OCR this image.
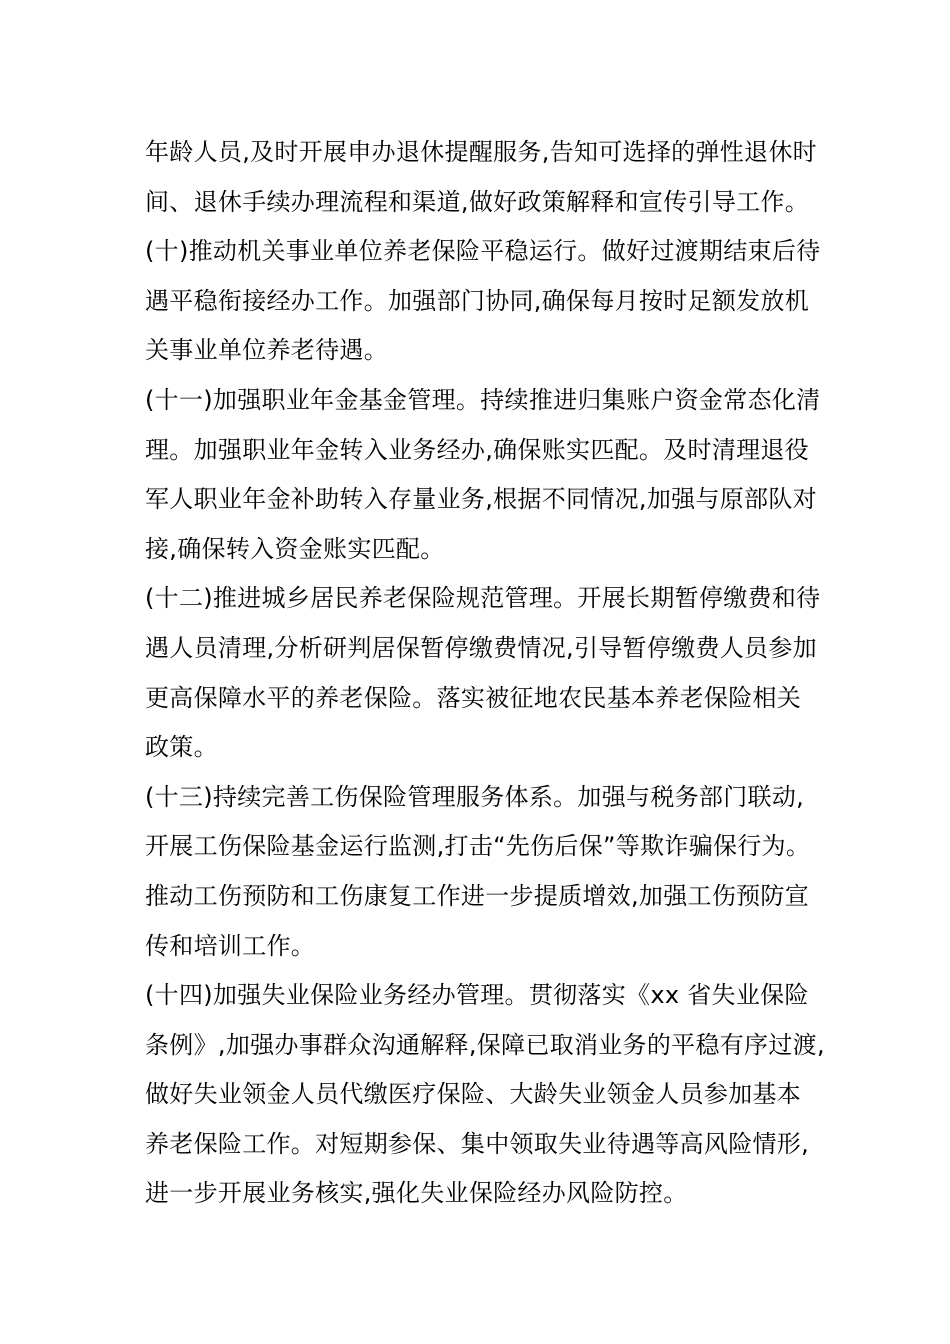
年龄人员,及时开展申办退休提醒服务,告知可选择的弹性退休时
间、退休手续办理流程和渠道,做好政策解释和宣传引导工作。
(十)推动机关事业单位养老保险平稳运行。做好过渡期结束后待
遇平稳衔接经办工作。加强部门协同,确保每月按时足额发放机
关事业单位养老待遇。
(十一)加强职业年金基金管理。持续推进归集账户资金常态化清
理。加强职业年金转入业务经办,确保账实匹配。及时清理退役
军人职业年金补助转入存量业务,根据不同情况,加强与原部队对
接,确保转入资金账实匹配。
(十二)推进城乡居民养老保险规范管理。开展长期暂停缴费和待
遇人员清理,分析研判居保暂停缴费情况,引导暂停缴费人员参加
更高保障水平的养老保险。落实被征地农民基本养老保险相关
政策。
(十三)持续完善工伤保险管理服务体系。加强与税务部门联动,
开展工伤保险基金运行监测,打击“先伤后保”等欺诈骗保行为。
推动工伤预防和工伤康复工作进一步提质增效,加强工伤预防宣
传和培训工作。
(十四)加强失业保险业务经办管理。贯彻落实《xx 省失业保险
条例》,加强办事群众沟通解释,保障已取消业务的平稳有序过渡,
做好失业领金人员代缴医疗保险、大龄失业领金人员参加基本
养老保险工作。对短期参保、集中领取失业待遇等高风险情形,
进一步开展业务核实,强化失业保险经办风险防控。
